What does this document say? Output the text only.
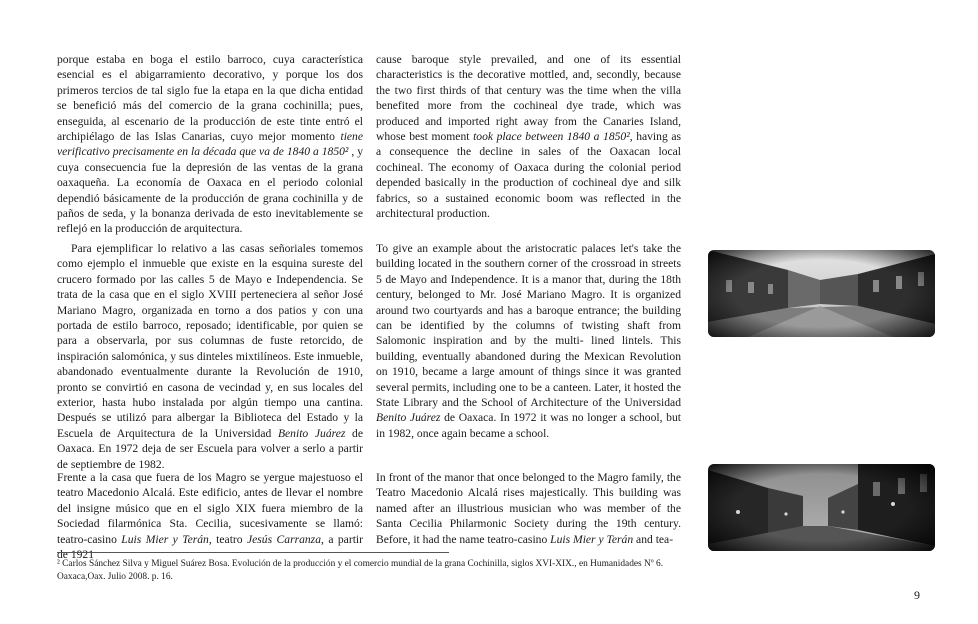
porque estaba en boga el estilo barroco, cuya característica esencial es el abigarramiento decorativo, y porque los dos primeros tercios de tal siglo fue la etapa en la que dicha entidad se benefició más del comercio de la grana cochinilla; pues, enseguida, al escenario de la producción de este tinte entró el archipiélago de las Islas Canarias, cuyo mejor momento tiene verificativo precisamente en la década que va de 1840 a 1850² , y cuya consecuencia fue la depresión de las ventas de la grana oaxaqueña. La economía de Oaxaca en el periodo colonial dependió básicamente de la producción de grana cochinilla y de paños de seda, y la bonanza derivada de esto inevitablemente se reflejó en la producción de arquitectura.

Para ejemplificar lo relativo a las casas señoriales tomemos como ejemplo el inmueble que existe en la esquina sureste del crucero formado por las calles 5 de Mayo e Independencia. Se trata de la casa que en el siglo XVIII perteneciera al señor José Mariano Magro, organizada en torno a dos patios y con una portada de estilo barroco, reposado; identificable, por quien se para a observarla, por sus columnas de fuste retorcido, de inspiración salomónica, y sus dinteles mixtilíneos. Este inmueble, abandonado eventualmente durante la Revolución de 1910, pronto se convirtió en casona de vecindad y, en sus locales del exterior, hasta hubo instalada por algún tiempo una cantina. Después se utilizó para albergar la Biblioteca del Estado y la Escuela de Arquitectura de la Universidad Benito Juárez de Oaxaca. En 1972 deja de ser Escuela para volver a serlo a partir de septiembre de 1982.

Frente a la casa que fuera de los Magro se yergue majestuoso el teatro Macedonio Alcalá. Este edificio, antes de llevar el nombre del insigne músico que en el siglo XIX fuera miembro de la Sociedad filarmónica Sta. Cecilia, sucesivamente se llamó: teatro-casino Luis Mier y Terán, teatro Jesús Carranza, a partir de 1921

cause baroque style prevailed, and one of its essential characteristics is the decorative mottled, and, secondly, because the two first thirds of that century was the time when the villa benefited more from the cochineal dye trade, which was produced and imported right away from the Canaries Island, whose best moment took place between 1840 a 1850², having as a consequence the decline in sales of the Oaxacan local cochineal. The economy of Oaxaca during the colonial period depended basically in the production of cochineal dye and silk fabrics, so a sustained economic boom was reflected in the architectural production.

To give an example about the aristocratic palaces let's take the building located in the southern corner of the crossroad in streets 5 de Mayo and Independence. It is a manor that, during the 18th century, belonged to Mr. José Mariano Magro. It is organized around two courtyards and has a baroque entrance; the building can be identified by the columns of twisting shaft from Salomonic inspiration and by the multi- lined lintels. This building, eventually abandoned during the Mexican Revolution on 1910, became a large amount of things since it was granted several permits, including one to be a canteen. Later, it hosted the State Library and the School of Architecture of the Universidad Benito Juárez de Oaxaca. In 1972 it was no longer a school, but in 1982, once again became a school.

In front of the manor that once belonged to the Magro family, the Teatro Macedonio Alcalá rises majestically. This building was named after an illustrious musician who was member of the Santa Cecilia Philarmonic Society during the 19th century. Before, it had the name teatro-casino Luis Mier y Terán and tea-

² Carlos Sánchez Silva y Miguel Suárez Bosa. Evolución de la producción y el comercio mundial de la grana Cochinilla, siglos XVI-XIX., en Humanidades Nº 6. Oaxaca,Oax. Julio 2008. p. 16.
9
